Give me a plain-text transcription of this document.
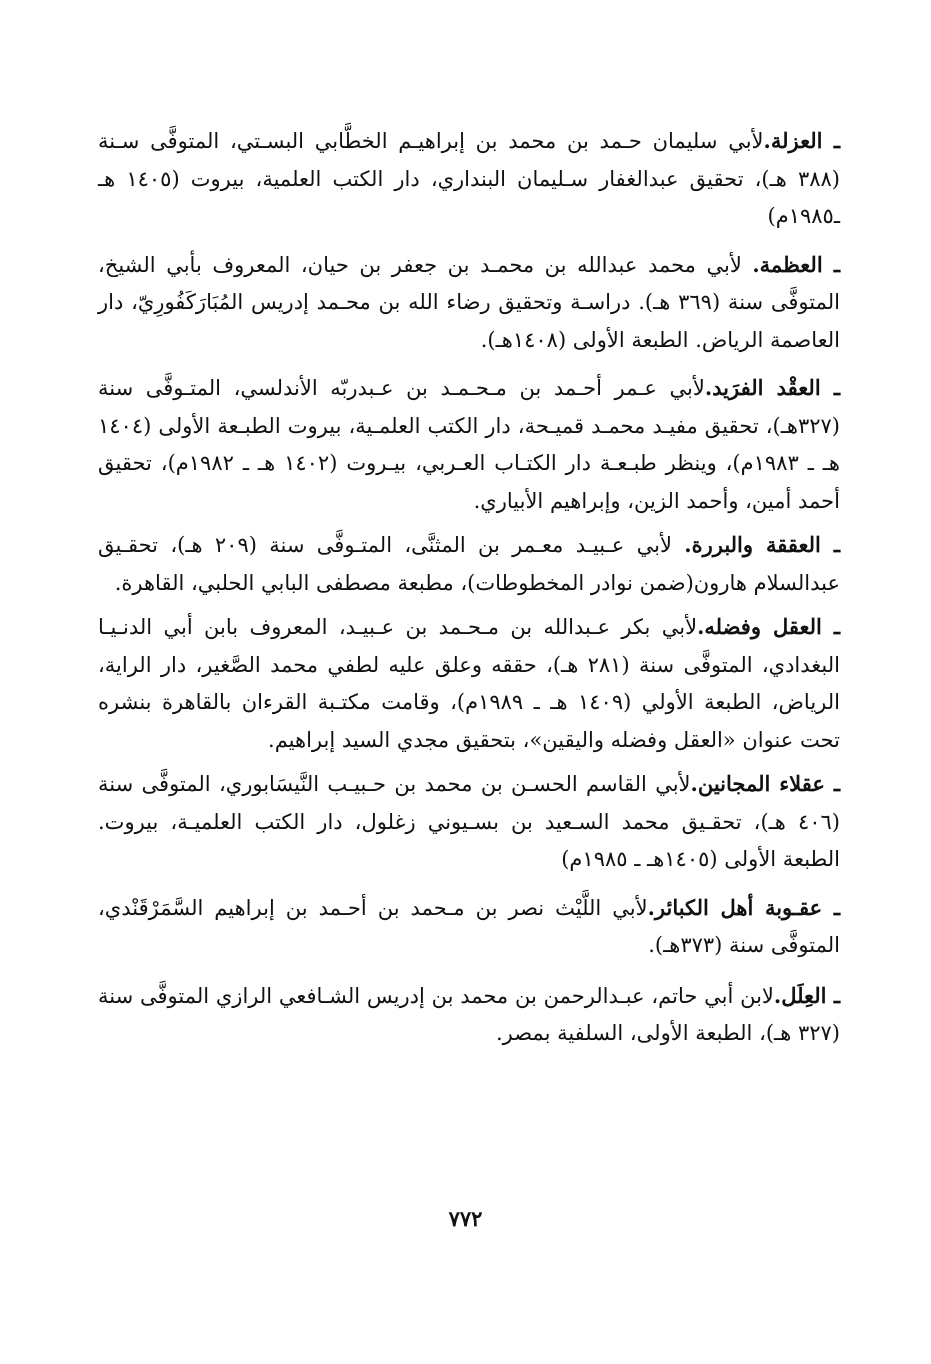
ـ العزلة.لأبي سليمان حـمد بن محمد بن إبراهيـم الخطَّابي البسـتي، المتوفَّى سـنة (٣٨٨ هـ)، تحقيق عبدالغفار سـليمان البنداري، دار الكتب العلمية، بيروت (١٤٠٥ هـ ـ١٩٨٥م)

ـ العظمة. لأبي محمد عبدالله بن محمـد بن جعفر بن حيان، المعروف بأبي الشيخ، المتوفَّى سنة (٣٦٩ هـ). دراسـة وتحقيق رضاء الله بن محـمد إدريس المُبَارَكَفُورِيّ، دار العاصمة الرياض. الطبعة الأولى (١٤٠٨هـ).

ـ العقْد الفرَيد.لأبي عـمر أحـمد بن مـحـمـد بن عـبدربّه الأندلسي، المتـوفَّى سنة (٣٢٧هـ)، تحقيق مفيـد محمـد قميـحة، دار الكتب العلمـية، بيروت الطبـعة الأولى (١٤٠٤ هـ ـ ١٩٨٣م)، وينظر طبـعـة دار الكتـاب العـربي، بيـروت (١٤٠٢ هـ ـ ١٩٨٢م)، تحقيق أحمد أمين، وأحمد الزين، وإبراهيم الأبياري.

ـ العققة والبررة. لأبي عـبيـد معـمر بن المثنَّى، المتـوفَّى سنة (٢٠٩ هـ)، تحقـيق عبدالسلام هارون(ضمن نوادر المخطوطات)، مطبعة مصطفى البابي الحلبي، القاهرة.

ـ العقل وفضله.لأبي بكر عـبدالله بن مـحـمد بن عـبيـد، المعروف بابن أبي الدنـيـا البغدادي، المتوفَّى سنة (٢٨١ هـ)، حققه وعلق عليه لطفي محمد الصَّغير، دار الراية، الرياض، الطبعة الأولي (١٤٠٩ هـ ـ ١٩٨٩م)، وقامت مكتـبة القرءان بالقاهرة بنشره تحت عنوان «العقل وفضله واليقين»، بتحقيق مجدي السيد إبراهيم.

ـ عقلاء المجانين.لأبي القاسم الحسـن بن محمد بن حـبيـب النَّيسَابوري، المتوفَّى سنة (٤٠٦ هـ)، تحقـيق محمد السـعيد بن بسـيوني زغلول، دار الكتب العلميـة، بيروت. الطبعة الأولى (١٤٠٥هـ ـ ١٩٨٥م)

ـ عقـوبة أهل الكبائر.لأبي اللَّيْث نصر بن مـحمد بن أحـمد بن إبراهيم السَّمَرْقَنْدي، المتوفَّى سنة (٣٧٣هـ).

ـ العِلَل.لابن أبي حاتم، عبـدالرحمن بن محمد بن إدريس الشـافعي الرازي المتوفَّى سنة (٣٢٧ هـ)، الطبعة الأولى، السلفية بمصر.

٧٧٢
